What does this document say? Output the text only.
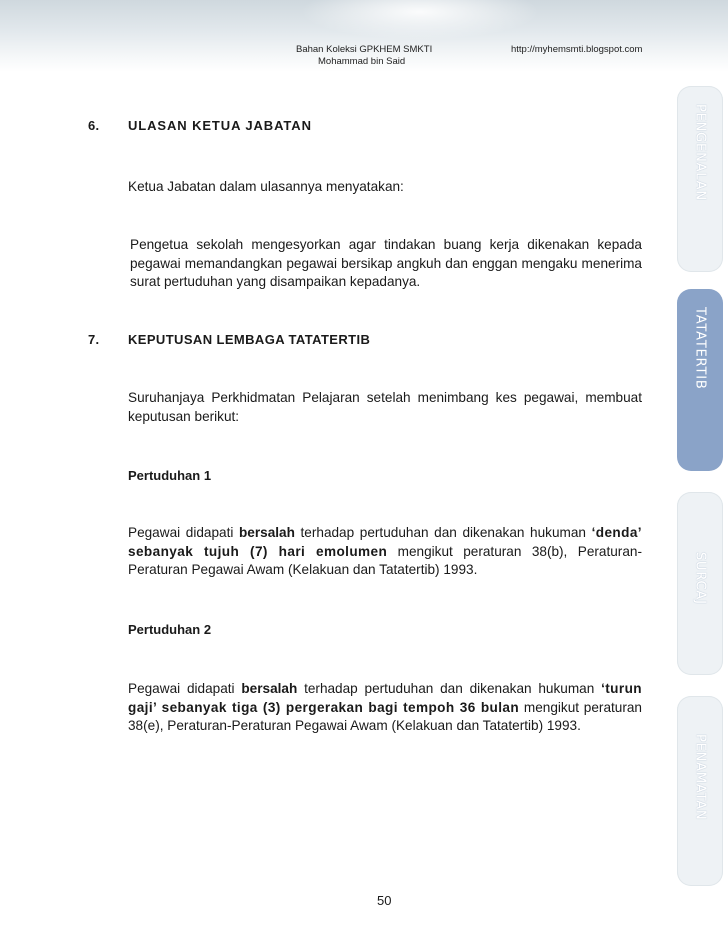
Bahan Koleksi GPKHEM SMKTI	http://myhemsmti.blogspot.com
Mohammad bin Said
6. ULASAN KETUA JABATAN
Ketua Jabatan dalam ulasannya menyatakan:
Pengetua sekolah mengesyorkan agar tindakan buang kerja dikenakan kepada pegawai memandangkan pegawai bersikap angkuh dan enggan mengaku menerima surat pertuduhan yang disampaikan kepadanya.
7. KEPUTUSAN LEMBAGA TATATERTIB
Suruhanjaya Perkhidmatan Pelajaran setelah menimbang kes pegawai, membuat keputusan berikut:
Pertuduhan 1
Pegawai didapati bersalah terhadap pertuduhan dan dikenakan hukuman ‘denda’ sebanyak tujuh (7) hari emolumen mengikut peraturan 38(b), Peraturan-Peraturan Pegawai Awam (Kelakuan dan Tatatertib) 1993.
Pertuduhan 2
Pegawai didapati bersalah terhadap pertuduhan dan dikenakan hukuman ‘turun gaji’ sebanyak tiga (3) pergerakan bagi tempoh 36 bulan mengikut peraturan 38(e), Peraturan-Peraturan Pegawai Awam (Kelakuan dan Tatatertib) 1993.
50
PENGENALAN
TATATERTIB
SURCAJ
PENAMATAN
